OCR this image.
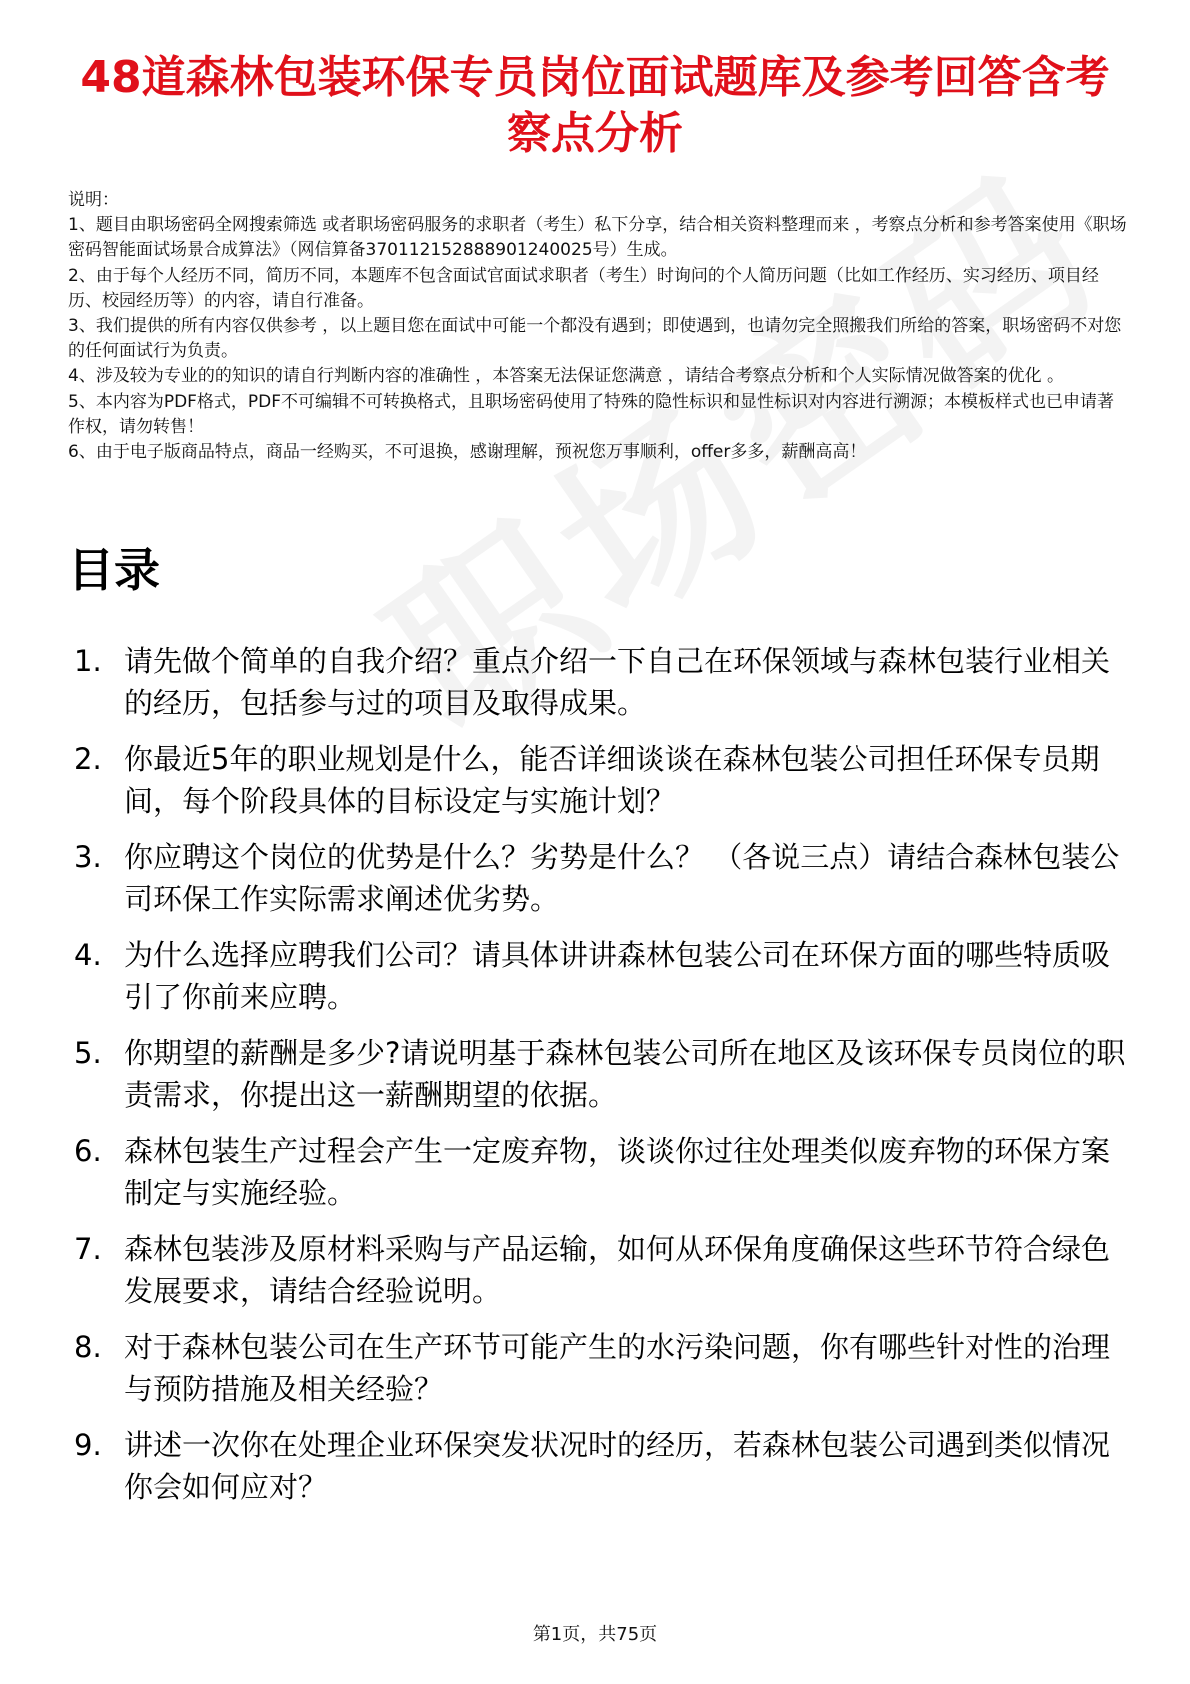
48道森林包装环保专员岗位面试题库及参考回答含考察点分析

说明：

1、题目由职场密码全网搜索筛选 或者职场密码服务的求职者（考生）私下分享，结合相关资料整理而来 ，考察点分析和参考答案使用《职场密码智能面试场景合成算法》（网信算备370112152888901240025号）生成。

2、由于每个人经历不同，简历不同，本题库不包含面试官面试求职者（考生）时询问的个人简历问题（比如工作经历、实习经历、项目经历、校园经历等）的内容，请自行准备。

3、我们提供的所有内容仅供参考 ，以上题目您在面试中可能一个都没有遇到；即使遇到，也请勿完全照搬我们所给的答案，职场密码不对您的任何面试行为负责。

4、涉及较为专业的的知识的请自行判断内容的准确性 ，本答案无法保证您满意 ，请结合考察点分析和个人实际情况做答案的优化 。

5、本内容为PDF格式，PDF不可编辑不可转换格式，且职场密码使用了特殊的隐性标识和显性标识对内容进行溯源；本模板样式也已申请著作权，请勿转售！

6、由于电子版商品特点，商品一经购买，不可退换，感谢理解，预祝您万事顺利，offer多多，薪酬高高！

目录
1. 请先做个简单的自我介绍？重点介绍一下自己在环保领域与森林包装行业相关的经历，包括参与过的项目及取得成果。
2. 你最近5年的职业规划是什么，能否详细谈谈在森林包装公司担任环保专员期间，每个阶段具体的目标设定与实施计划？
3. 你应聘这个岗位的优势是什么？劣势是什么？ （各说三点）请结合森林包装公司环保工作实际需求阐述优劣势。
4. 为什么选择应聘我们公司？请具体讲讲森林包装公司在环保方面的哪些特质吸引了你前来应聘。
5. 你期望的薪酬是多少?请说明基于森林包装公司所在地区及该环保专员岗位的职责需求，你提出这一薪酬期望的依据。
6. 森林包装生产过程会产生一定废弃物，谈谈你过往处理类似废弃物的环保方案制定与实施经验。
7. 森林包装涉及原材料采购与产品运输，如何从环保角度确保这些环节符合绿色发展要求，请结合经验说明。
8. 对于森林包装公司在生产环节可能产生的水污染问题，你有哪些针对性的治理与预防措施及相关经验？
9. 讲述一次你在处理企业环保突发状况时的经历，若森林包装公司遇到类似情况你会如何应对？
第1页，共75页
